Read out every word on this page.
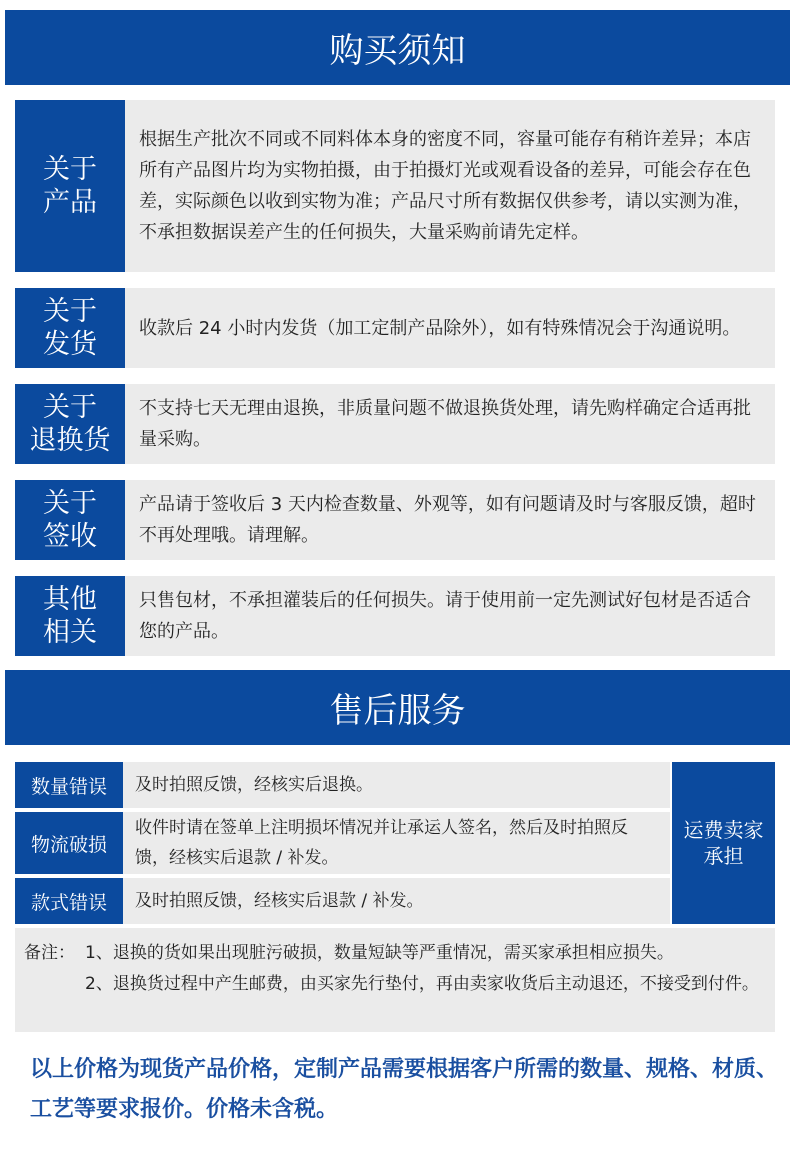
购买须知
关于
产品
根据生产批次不同或不同料体本身的密度不同，容量可能存有稍许差异；本店所有产品图片均为实物拍摄，由于拍摄灯光或观看设备的差异，可能会存在色差，实际颜色以收到实物为准；产品尺寸所有数据仅供参考，请以实测为准，不承担数据误差产生的任何损失，大量采购前请先定样。
关于
发货
收款后 24 小时内发货（加工定制产品除外），如有特殊情况会于沟通说明。
关于
退换货
不支持七天无理由退换，非质量问题不做退换货处理，请先购样确定合适再批量采购。
关于
签收
产品请于签收后 3 天内检查数量、外观等，如有问题请及时与客服反馈，超时不再处理哦。请理解。
其他
相关
只售包材，不承担灌装后的任何损失。请于使用前一定先测试好包材是否适合您的产品。
售后服务
数量错误	及时拍照反馈，经核实后退换。
物流破损
收件时请在签单上注明损坏情况并让承运人签名，然后及时拍照反馈，经核实后退款 / 补发。
款式错误	及时拍照反馈，经核实后退款 / 补发。
运费卖家
承担
备注： 1、退换的货如果出现脏污破损，数量短缺等严重情况，需买家承担相应损失。
2、退换货过程中产生邮费，由买家先行垫付，再由卖家收货后主动退还，不接受到付件。
以上价格为现货产品价格，定制产品需要根据客户所需的数量、规格、材质、工艺等要求报价。价格未含税。
